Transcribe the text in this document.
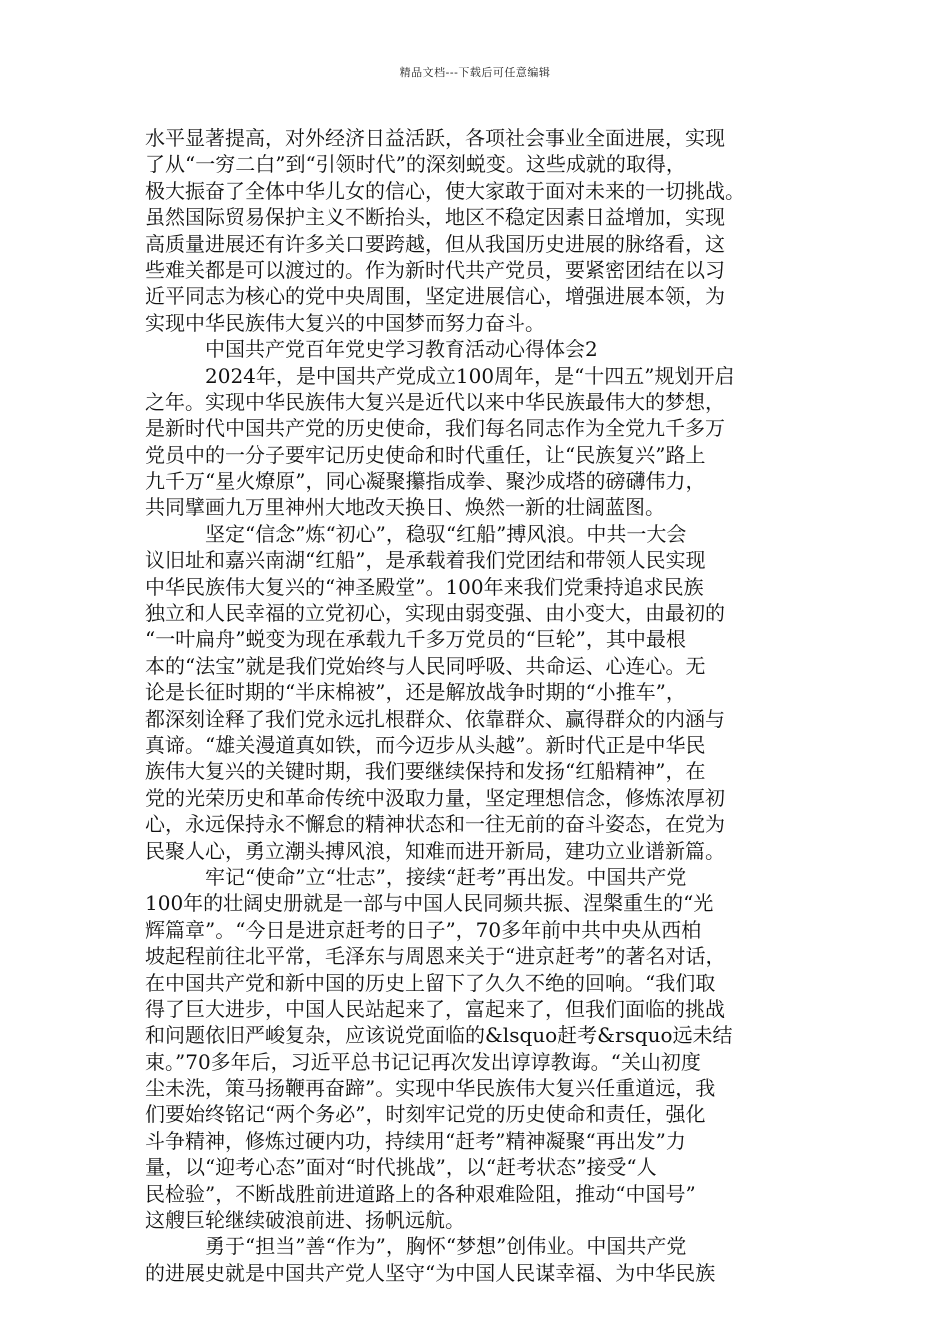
精品文档---下载后可任意编辑
水平显著提高，对外经济日益活跃，各项社会事业全面进展，实现
了从“一穷二白”到“引领时代”的深刻蜕变。这些成就的取得，
极大振奋了全体中华儿女的信心，使大家敢于面对未来的一切挑战。
虽然国际贸易保护主义不断抬头，地区不稳定因素日益增加，实现
高质量进展还有许多关口要跨越，但从我国历史进展的脉络看，这
些难关都是可以渡过的。作为新时代共产党员，要紧密团结在以习
近平同志为核心的党中央周围，坚定进展信心，增强进展本领，为
实现中华民族伟大复兴的中国梦而努力奋斗。
中国共产党百年党史学习教育活动心得体会2
2024年，是中国共产党成立100周年，是“十四五”规划开启
之年。实现中华民族伟大复兴是近代以来中华民族最伟大的梦想，
是新时代中国共产党的历史使命，我们每名同志作为全党九千多万
党员中的一分子要牢记历史使命和时代重任，让“民族复兴”路上
九千万“星火燎原”，同心凝聚攥指成拳、聚沙成塔的磅礴伟力，
共同擘画九万里神州大地改天换日、焕然一新的壮阔蓝图。
坚定“信念”炼“初心”，稳驭“红船”搏风浪。中共一大会
议旧址和嘉兴南湖“红船”，是承载着我们党团结和带领人民实现
中华民族伟大复兴的“神圣殿堂”。100年来我们党秉持追求民族
独立和人民幸福的立党初心，实现由弱变强、由小变大，由最初的
“一叶扁舟”蜕变为现在承载九千多万党员的“巨轮”，其中最根
本的“法宝”就是我们党始终与人民同呼吸、共命运、心连心。无
论是长征时期的“半床棉被”，还是解放战争时期的“小推车”，
都深刻诠释了我们党永远扎根群众、依靠群众、赢得群众的内涵与
真谛。“雄关漫道真如铁，而今迈步从头越”。新时代正是中华民
族伟大复兴的关键时期，我们要继续保持和发扬“红船精神”，在
党的光荣历史和革命传统中汲取力量，坚定理想信念，修炼浓厚初
心，永远保持永不懈怠的精神状态和一往无前的奋斗姿态，在党为
民聚人心，勇立潮头搏风浪，知难而进开新局，建功立业谱新篇。
牢记“使命”立“壮志”，接续“赶考”再出发。中国共产党
100年的壮阔史册就是一部与中国人民同频共振、涅槃重生的“光
辉篇章”。“今日是进京赶考的日子”，70多年前中共中央从西柏
坡起程前往北平常，毛泽东与周恩来关于“进京赶考”的著名对话，
在中国共产党和新中国的历史上留下了久久不绝的回响。“我们取
得了巨大进步，中国人民站起来了，富起来了，但我们面临的挑战
和问题依旧严峻复杂，应该说党面临的&lsquo赶考&rsquo远未结
束。”70多年后，习近平总书记记再次发出谆谆教诲。“关山初度
尘未洗，策马扬鞭再奋蹄”。实现中华民族伟大复兴任重道远，我
们要始终铭记“两个务必”，时刻牢记党的历史使命和责任，强化
斗争精神，修炼过硬内功，持续用“赶考”精神凝聚“再出发”力
量，以“迎考心态”面对“时代挑战”，以“赶考状态”接受“人
民检验”，不断战胜前进道路上的各种艰难险阻，推动“中国号”
这艘巨轮继续破浪前进、扬帆远航。
勇于“担当”善“作为”，胸怀“梦想”创伟业。中国共产党
的进展史就是中国共产党人坚守“为中国人民谋幸福、为中华民族
